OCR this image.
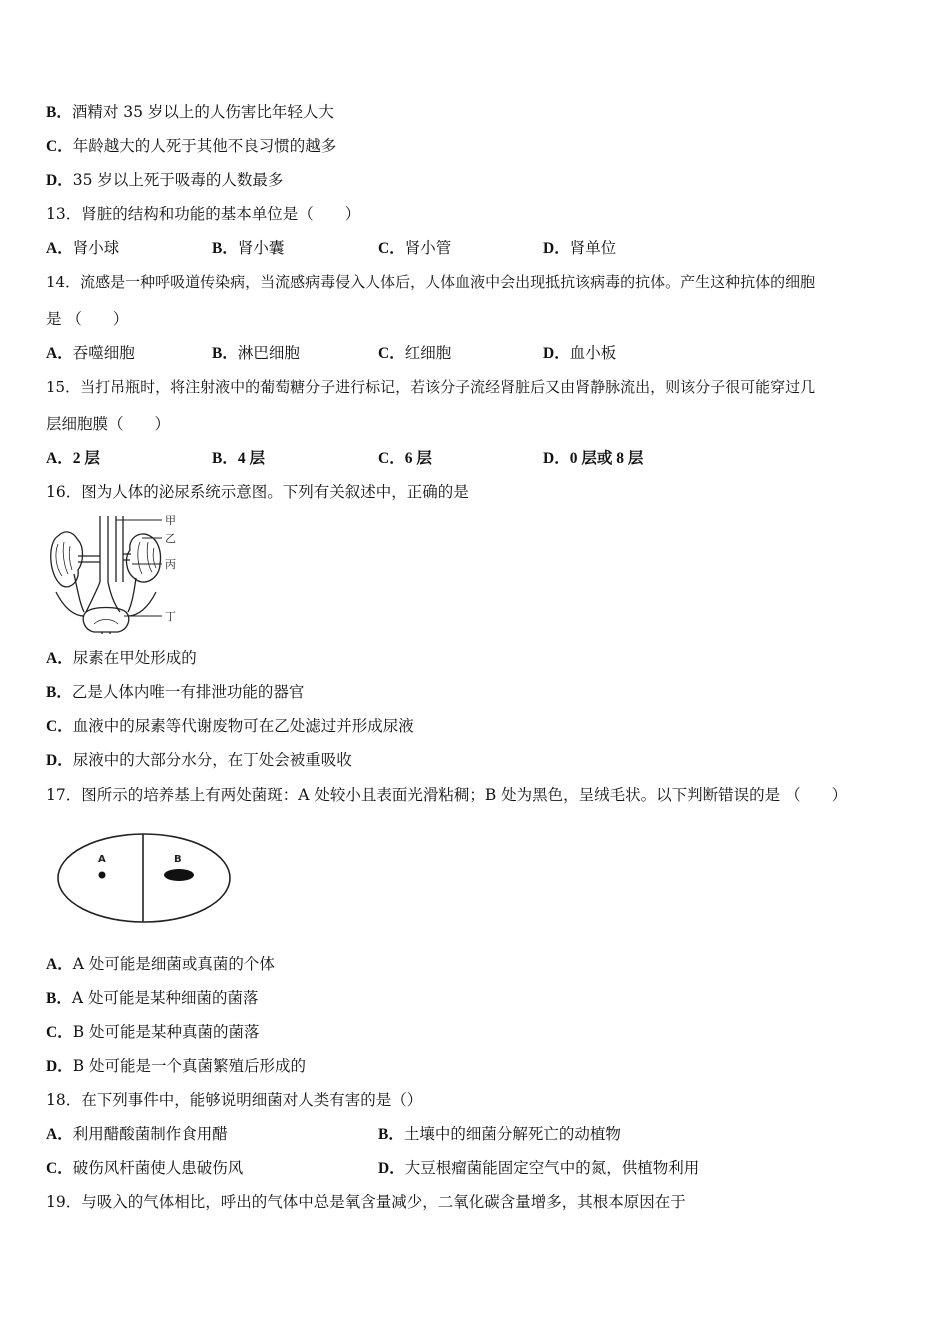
B．酒精对 35 岁以上的人伤害比年轻人大
C．年龄越大的人死于其他不良习惯的越多
D．35 岁以上死于吸毒的人数最多
13．肾脏的结构和功能的基本单位是（　　）
A．肾小球	B．肾小囊	C．肾小管	D．肾单位
14．流感是一种呼吸道传染病，当流感病毒侵入人体后，人体血液中会出现抵抗该病毒的抗体。产生这种抗体的细胞
是 （　　）
A．吞噬细胞	B．淋巴细胞	C．红细胞	D．血小板
15．当打吊瓶时，将注射液中的葡萄糖分子进行标记，若该分子流经肾脏后又由肾静脉流出，则该分子很可能穿过几
层细胞膜（　　）
A．2 层	B．4 层	C．6 层	D．0 层或 8 层
16．图为人体的泌尿系统示意图。下列有关叙述中，正确的是
甲
乙
丙
丁
A．尿素在甲处形成的
B．乙是人体内唯一有排泄功能的器官
C．血液中的尿素等代谢废物可在乙处滤过并形成尿液
D．尿液中的大部分水分，在丁处会被重吸收
17．图所示的培养基上有两处菌斑：A 处较小且表面光滑粘稠；B 处为黑色，呈绒毛状。以下判断错误的是 （　　）
A	B
A．A 处可能是细菌或真菌的个体
B．A 处可能是某种细菌的菌落
C．B 处可能是某种真菌的菌落
D．B 处可能是一个真菌繁殖后形成的
18．在下列事件中，能够说明细菌对人类有害的是（）
A．利用醋酸菌制作食用醋	B．土壤中的细菌分解死亡的动植物
C．破伤风杆菌使人患破伤风	D．大豆根瘤菌能固定空气中的氮，供植物利用
19．与吸入的气体相比，呼出的气体中总是氧含量减少，二氧化碳含量增多，其根本原因在于
